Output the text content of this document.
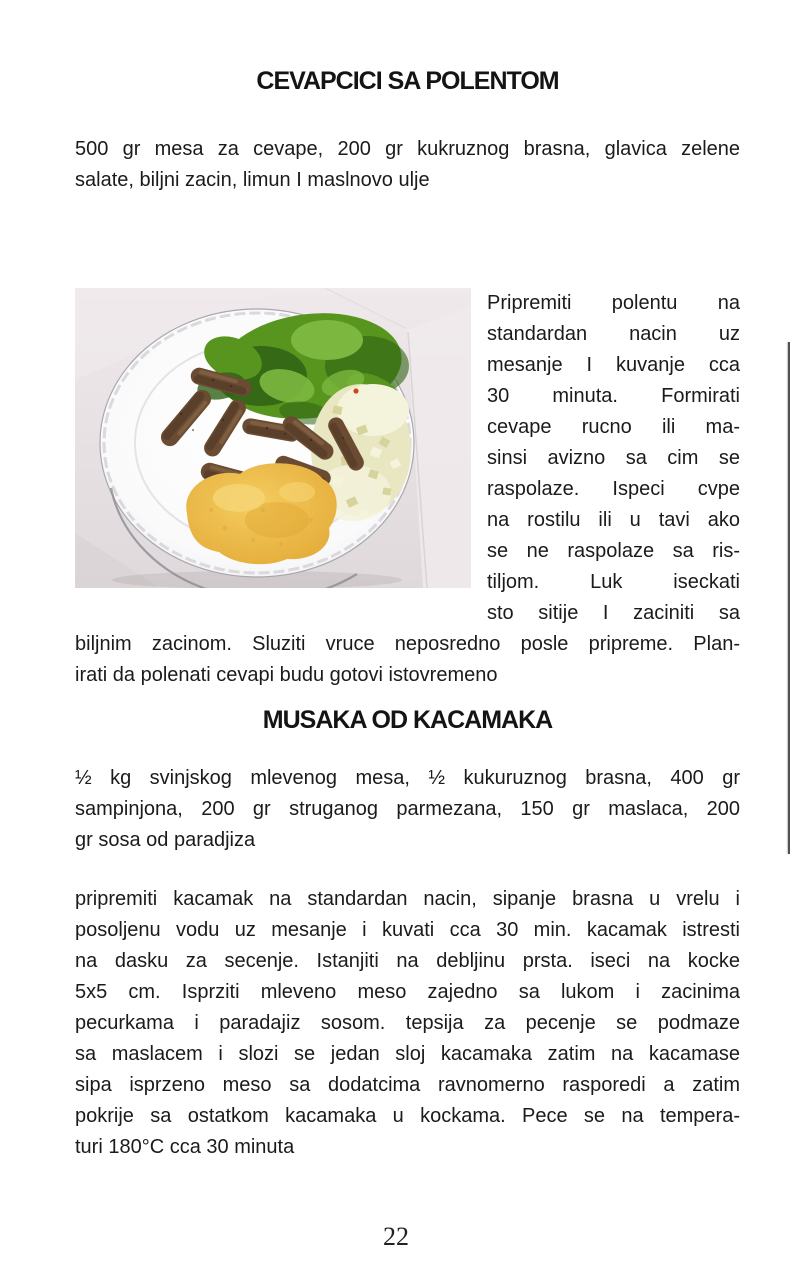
CEVAPCICI SA POLENTOM
500 gr mesa za cevape, 200 gr kukruznog brasna, glavica zelene
salate, biljni zacin, limun I maslnovo ulje
Pripremiti polentu na
standardan nacin uz
mesanje I kuvanje cca
30 minuta. Formirati
cevape rucno ili ma-
sinsi avizno sa cim se
raspolaze. Ispeci cvpe
na rostilu ili u tavi ako
se ne raspolaze sa ris-
tiljom. Luk iseckati
sto sitije I zaciniti sa
biljnim zacinom. Sluziti vruce neposredno posle pripreme. Plan-
irati da polenati cevapi budu gotovi istovremeno
MUSAKA OD KACAMAKA
½ kg svinjskog mlevenog mesa, ½ kukuruznog brasna, 400 gr
sampinjona, 200 gr struganog parmezana, 150 gr maslaca, 200
gr sosa od paradjiza
pripremiti kacamak na standardan nacin, sipanje brasna u vrelu i
posoljenu vodu uz mesanje i kuvati cca 30 min. kacamak istresti
na dasku za secenje. Istanjiti na debljinu prsta. iseci na kocke
5x5 cm. Isprziti mleveno meso zajedno sa lukom i zacinima
pecurkama i paradajiz sosom. tepsija za pecenje se podmaze
sa maslacem i slozi se jedan sloj kacamaka zatim na kacamase
sipa isprzeno meso sa dodatcima ravnomerno rasporedi a zatim
pokrije sa ostatkom kacamaka u kockama. Pece se na tempera-
turi 180°C cca 30 minuta
22
